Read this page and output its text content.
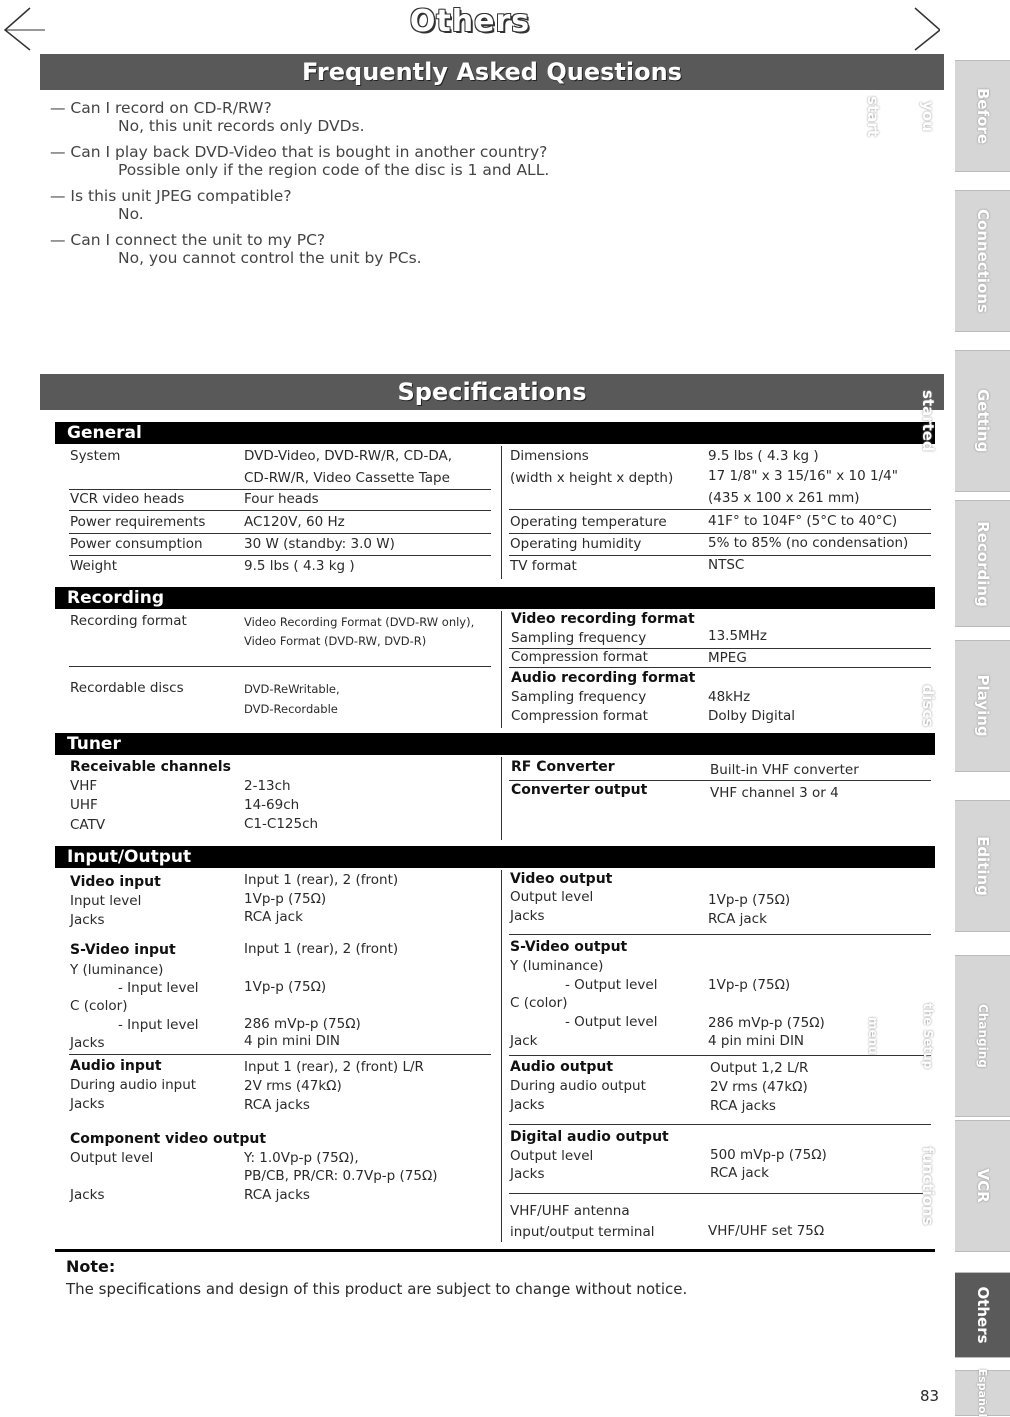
Others
Frequently Asked Questions
— Can I record on CD-R/RW?
No, this unit records only DVDs.
— Can I play back DVD-Video that is bought in another country?
Possible only if the region code of the disc is 1 and ALL.
— Is this unit JPEG compatible?
No.
— Can I connect the unit to my PC?
No, you cannot control the unit by PCs.
Specifications
General
System	DVD-Video, DVD-RW/R, CD-DA,
CD-RW/R, Video Cassette Tape
VCR video heads	Four heads
Power requirements	AC120V, 60 Hz
Power consumption	30 W (standby: 3.0 W)
Weight	9.5 lbs ( 4.3 kg )
Dimensions	9.5 lbs ( 4.3 kg )
(width x height x depth)	17 1/8" x 3 15/16" x 10 1/4"
(435 x 100 x 261 mm)
Operating temperature	41F° to 104F° (5°C to 40°C)
Operating humidity	5% to 85% (no condensation)
TV format	NTSC
Recording
Recording format	Video Recording Format (DVD-RW only),
Video Format (DVD-RW, DVD-R)
Recordable discs	DVD-ReWritable,
DVD-Recordable
Video recording format
Sampling frequency	13.5MHz
Compression format	MPEG
Audio recording format
Sampling frequency	48kHz
Compression format	Dolby Digital
Tuner
Receivable channels
VHF	2-13ch
UHF	14-69ch
CATV	C1-C125ch
RF Converter	Built-in VHF converter
Converter output	VHF channel 3 or 4
Input/Output
Video input	Input 1 (rear), 2 (front)
Input level	1Vp-p (75Ω)
Jacks	RCA jack
S-Video input	Input 1 (rear), 2 (front)
Y (luminance)
- Input level	1Vp-p (75Ω)
C (color)
- Input level	286 mVp-p (75Ω)
Jacks	4 pin mini DIN
Audio input	Input 1 (rear), 2 (front) L/R
During audio input	2V rms (47kΩ)
Jacks	RCA jacks
Component video output
Output level	Y: 1.0Vp-p (75Ω),
PB/CB, PR/CR: 0.7Vp-p (75Ω)
Jacks	RCA jacks
Video output
Output level	1Vp-p (75Ω)
Jacks	RCA jack
S-Video output
Y (luminance)
- Output level	1Vp-p (75Ω)
C (color)
- Output level	286 mVp-p (75Ω)
Jack	4 pin mini DIN
Audio output	Output 1,2 L/R
During audio output	2V rms (47kΩ)
Jacks	RCA jacks
Digital audio output
Output level	500 mVp-p (75Ω)
Jacks	RCA jack
VHF/UHF antenna
input/output terminal	VHF/UHF set 75Ω
Note:
The specifications and design of this product are subject to change without notice.
83
Before you start
Connections
Getting started
Recording
Playing discs
Editing
Changing the Setup menu
VCR functions
Others
Español
